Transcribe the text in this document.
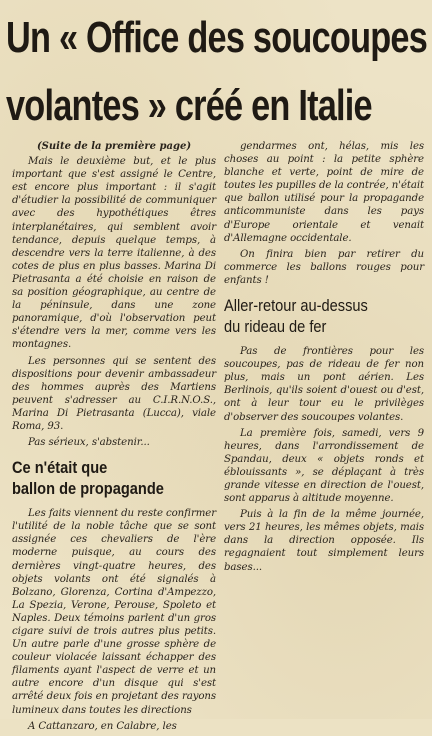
Un « Office des soucoupes
volantes » créé en Italie
(Suite de la première page)

Mais le deuxième but, et le plus important que s'est assigné le Centre, est encore plus important : il s'agit d'étudier la possibilité de communiquer avec des hypothétiques êtres interplanétaires, qui semblent avoir tendance, depuis quelque temps, à descendre vers la terre italienne, à des cotes de plus en plus basses. Marina Di Pietrasanta a été choisie en raison de sa position géographique, au centre de la péninsule, dans une zone panoramique, d'où l'observation peut s'étendre vers la mer, comme vers les montagnes.

Les personnes qui se sentent des dispositions pour devenir ambassadeur des hommes auprès des Martiens peuvent s'adresser au C.I.R.N.O.S., Marina Di Pietrasanta (Lucca), viale Roma, 93.

Pas sérieux, s'abstenir...

Ce n'était que
ballon de propagande

Les faits viennent du reste confirmer l'utilité de la noble tâche que se sont assignée ces chevaliers de l'ère moderne puisque, au cours des dernières vingt-quatre heures, des objets volants ont été signalés à Bolzano, Glorenza, Cortina d'Ampezzo, La Spezia, Verone, Perouse, Spoleto et Naples. Deux témoins parlent d'un gros cigare suivi de trois autres plus petits. Un autre parle d'une grosse sphère de couleur violacée laissant échapper des filaments ayant l'aspect de verre et un autre encore d'un disque qui s'est arrêté deux fois en projetant des rayons lumineux dans toutes les directions

A Cattanzaro, en Calabre, les

gendarmes ont, hélas, mis les choses au point : la petite sphère blanche et verte, point de mire de toutes les pupilles de la contrée, n'était que ballon utilisé pour la propagande anticommuniste dans les pays d'Europe orientale et venait d'Allemagne occidentale.

On finira bien par retirer du commerce les ballons rouges pour enfants !

Aller-retour au-dessus
du rideau de fer

Pas de frontières pour les soucoupes, pas de rideau de fer non plus, mais un pont aérien. Les Berlinois, qu'ils soient d'ouest ou d'est, ont à leur tour eu le privilèges d'observer des soucoupes volantes.

La première fois, samedi, vers 9 heures, dans l'arrondissement de Spandau, deux « objets ronds et éblouissants », se déplaçant à très grande vitesse en direction de l'ouest, sont apparus à altitude moyenne.

Puis à la fin de la même journée, vers 21 heures, les mêmes objets, mais dans la direction opposée. Ils regagnaient tout simplement leurs bases...
